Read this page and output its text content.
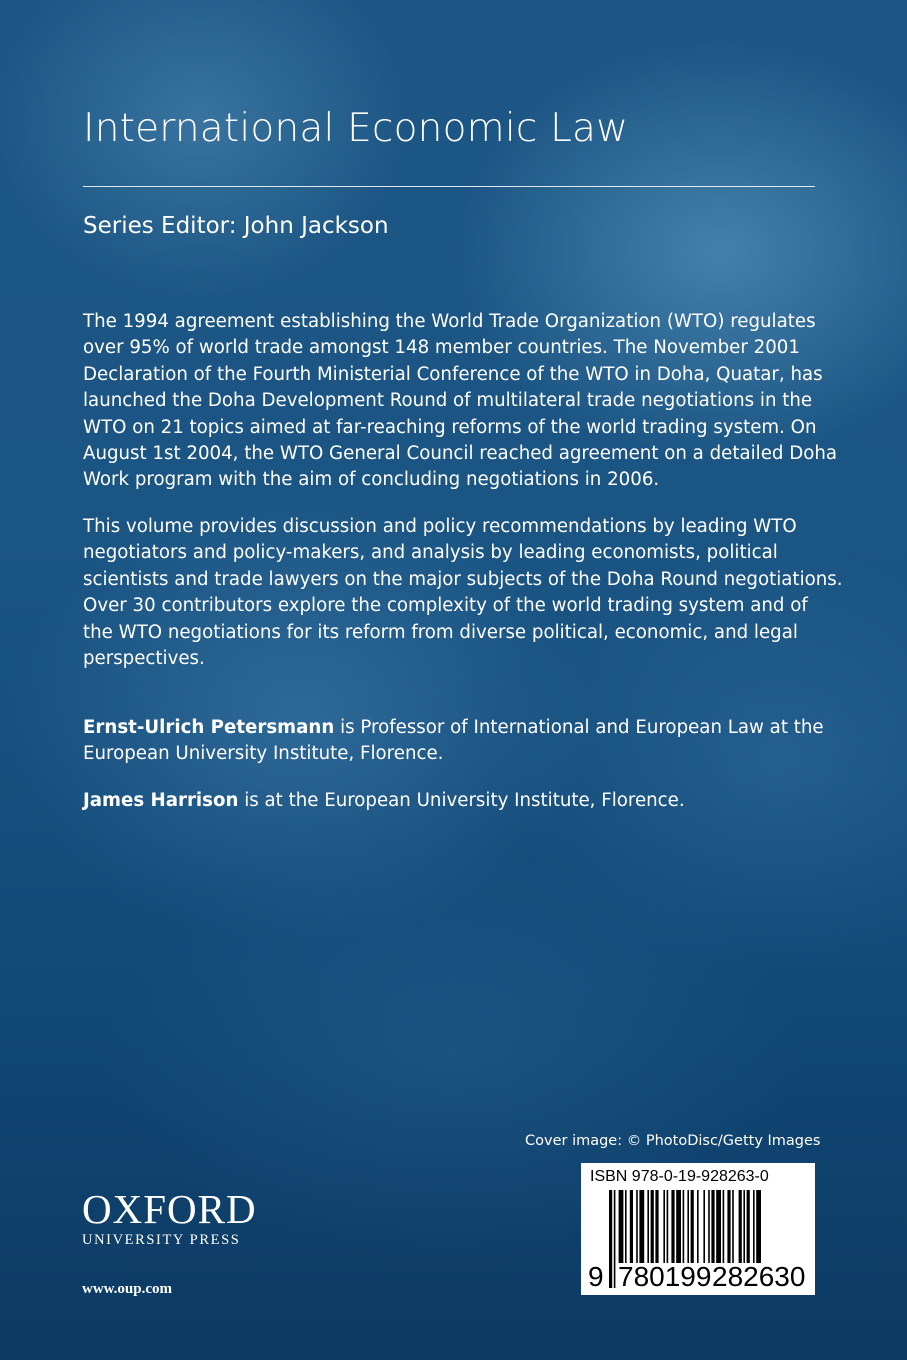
International Economic Law
Series Editor: John Jackson
The 1994 agreement establishing the World Trade Organization (WTO) regulates
over 95% of world trade amongst 148 member countries. The November 2001
Declaration of the Fourth Ministerial Conference of the WTO in Doha, Quatar, has
launched the Doha Development Round of multilateral trade negotiations in the
WTO on 21 topics aimed at far-reaching reforms of the world trading system. On
August 1st 2004, the WTO General Council reached agreement on a detailed Doha
Work program with the aim of concluding negotiations in 2006.
This volume provides discussion and policy recommendations by leading WTO
negotiators and policy-makers, and analysis by leading economists, political
scientists and trade lawyers on the major subjects of the Doha Round negotiations.
Over 30 contributors explore the complexity of the world trading system and of
the WTO negotiations for its reform from diverse political, economic, and legal
perspectives.
Ernst-Ulrich Petersmann is Professor of International and European Law at the
European University Institute, Florence.
James Harrison is at the European University Institute, Florence.
Cover image: © PhotoDisc/Getty Images
ISBN 978-0-19-928263-0
9 780199 282630
OXFORD
UNIVERSITY PRESS
www.oup.com
